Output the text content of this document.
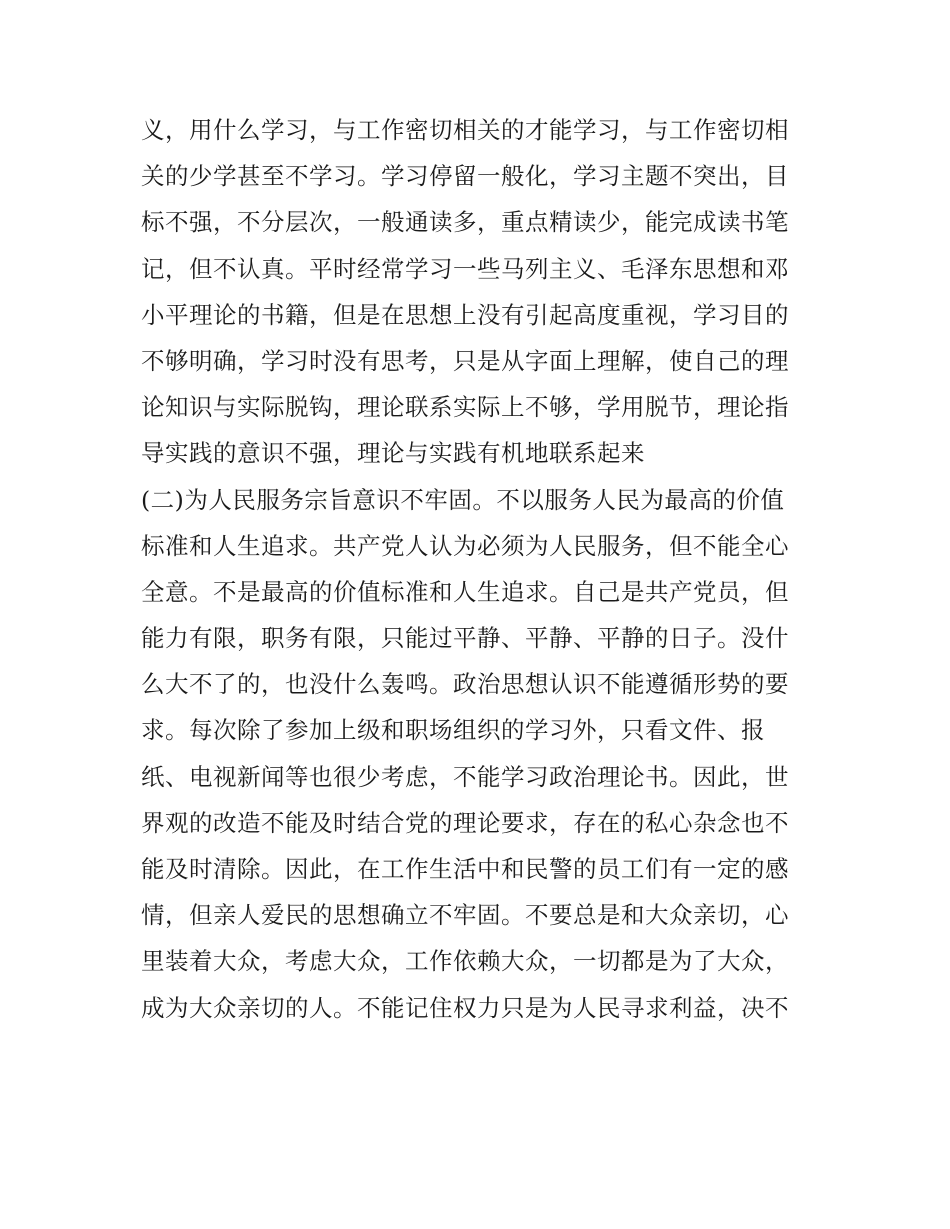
义，用什么学习，与工作密切相关的才能学习，与工作密切相
关的少学甚至不学习。学习停留一般化，学习主题不突出，目
标不强，不分层次，一般通读多，重点精读少，能完成读书笔
记，但不认真。平时经常学习一些马列主义、毛泽东思想和邓
小平理论的书籍，但是在思想上没有引起高度重视，学习目的
不够明确，学习时没有思考，只是从字面上理解，使自己的理
论知识与实际脱钩，理论联系实际上不够，学用脱节，理论指
导实践的意识不强，理论与实践有机地联系起来
(二)为人民服务宗旨意识不牢固。不以服务人民为最高的价值
标准和人生追求。共产党人认为必须为人民服务，但不能全心
全意。不是最高的价值标准和人生追求。自己是共产党员，但
能力有限，职务有限，只能过平静、平静、平静的日子。没什
么大不了的，也没什么轰鸣。政治思想认识不能遵循形势的要
求。每次除了参加上级和职场组织的学习外，只看文件、报
纸、电视新闻等也很少考虑，不能学习政治理论书。因此，世
界观的改造不能及时结合党的理论要求，存在的私心杂念也不
能及时清除。因此，在工作生活中和民警的员工们有一定的感
情，但亲人爱民的思想确立不牢固。不要总是和大众亲切，心
里装着大众，考虑大众，工作依赖大众，一切都是为了大众，
成为大众亲切的人。不能记住权力只是为人民寻求利益，决不
